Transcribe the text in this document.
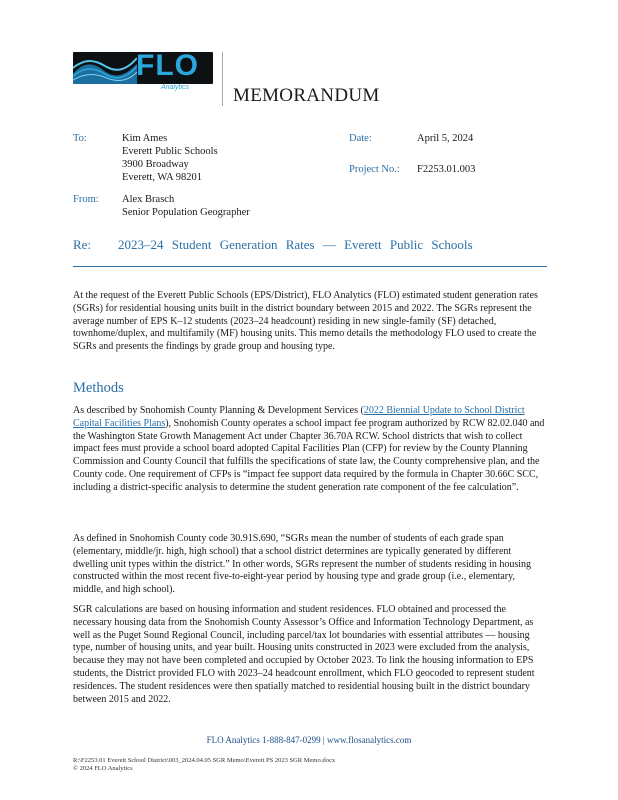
FLO
Analytics	MEMORANDUM
To:	Kim Ames
Everett Public Schools
3900 Broadway
Everett, WA 98201
From: Alex Brasch
Senior Population Geographer
Date:	April 5, 2024
Project No.: F2253.01.003
Re: 2023–24 Student Generation Rates — Everett Public Schools
At the request of the Everett Public Schools (EPS/District), FLO Analytics (FLO) estimated student generation rates (SGRs) for residential housing units built in the district boundary between 2015 and 2022. The SGRs represent the average number of EPS K–12 students (2023–24 headcount) residing in new single-family (SF) detached, townhome/duplex, and multifamily (MF) housing units. This memo details the methodology FLO used to create the SGRs and presents the findings by grade group and housing type.
Methods
As described by Snohomish County Planning & Development Services (2022 Biennial Update to School District Capital Facilities Plans), Snohomish County operates a school impact fee program authorized by RCW 82.02.040 and the Washington State Growth Management Act under Chapter 36.70A RCW. School districts that wish to collect impact fees must provide a school board adopted Capital Facilities Plan (CFP) for review by the County Planning Commission and County Council that fulfills the specifications of state law, the County comprehensive plan, and the County code. One requirement of CFPs is “impact fee support data required by the formula in Chapter 30.66C SCC, including a district-specific analysis to determine the student generation rate component of the fee calculation”.
As defined in Snohomish County code 30.91S.690, “SGRs mean the number of students of each grade span (elementary, middle/jr. high, high school) that a school district determines are typically generated by different dwelling unit types within the district.” In other words, SGRs represent the number of students residing in housing constructed within the most recent five-to-eight-year period by housing type and grade group (i.e., elementary, middle, and high school).
SGR calculations are based on housing information and student residences. FLO obtained and processed the necessary housing data from the Snohomish County Assessor’s Office and Information Technology Department, as well as the Puget Sound Regional Council, including parcel/tax lot boundaries with essential attributes — housing type, number of housing units, and year built. Housing units constructed in 2023 were excluded from the analysis, because they may not have been completed and occupied by October 2023. To link the housing information to EPS students, the District provided FLO with 2023–24 headcount enrollment, which FLO geocoded to represent student residences. The student residences were then spatially matched to residential housing built in the district boundary between 2015 and 2022.
FLO Analytics 1-888-847-0299 | www.flosanalytics.com
R:\F2253.01 Everett School District\003_2024.04.05 SGR Memo\Everett PS 2023 SGR Memo.docx
© 2024 FLO Analytics
